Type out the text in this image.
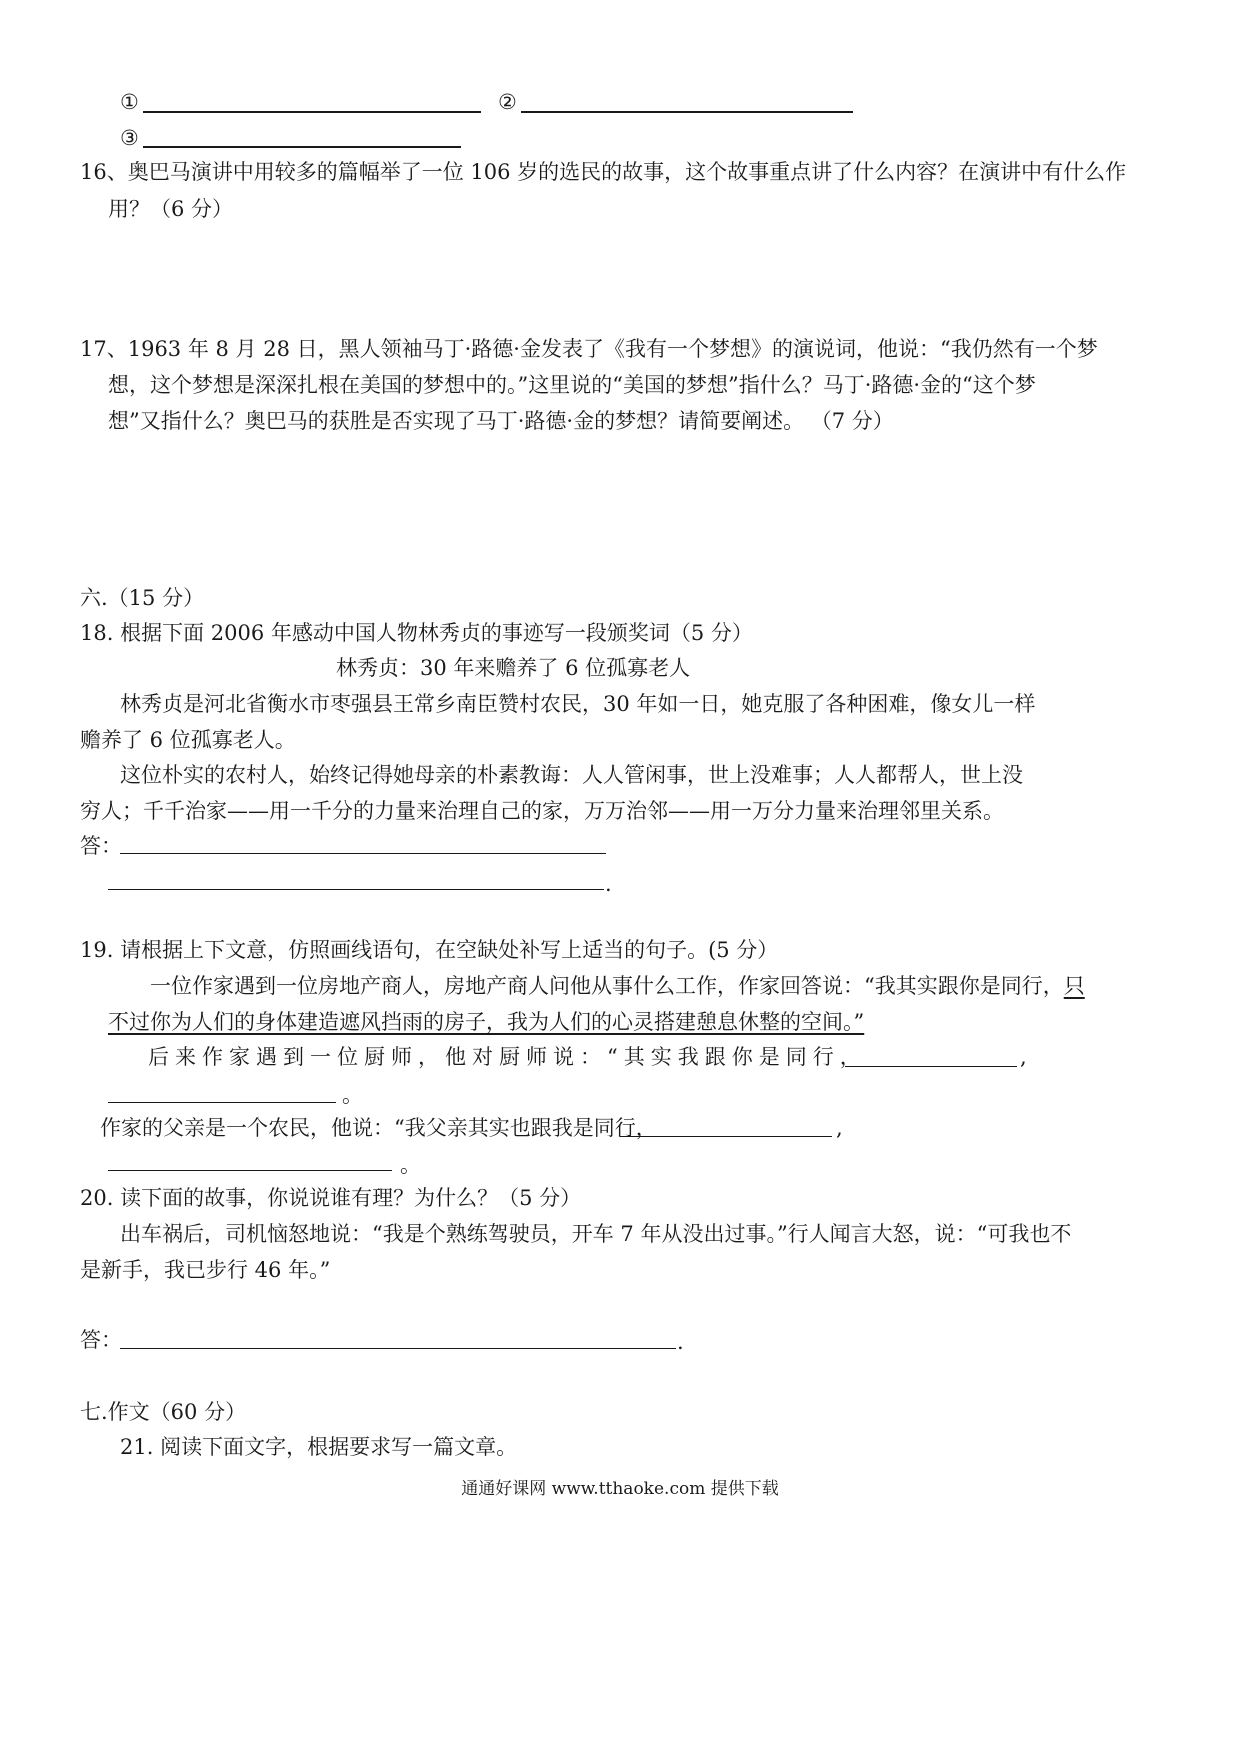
①	②
③
16、奥巴马演讲中用较多的篇幅举了一位 106 岁的选民的故事，这个故事重点讲了什么内容？在演讲中有什么作
用？（6 分）
17、1963 年 8 月 28 日，黑人领袖马丁·路德·金发表了《我有一个梦想》的演说词，他说：“我仍然有一个梦
想，这个梦想是深深扎根在美国的梦想中的。”这里说的“美国的梦想”指什么？马丁·路德·金的“这个梦
想”又指什么？奥巴马的获胜是否实现了马丁·路德·金的梦想？请简要阐述。 （7 分）
六.（15 分）
18. 根据下面 2006 年感动中国人物林秀贞的事迹写一段颁奖词（5 分）
林秀贞：30 年来赡养了 6 位孤寡老人
林秀贞是河北省衡水市枣强县王常乡南臣赞村农民，30 年如一日，她克服了各种困难，像女儿一样
赡养了 6 位孤寡老人。
这位朴实的农村人，始终记得她母亲的朴素教诲：人人管闲事，世上没难事；人人都帮人，世上没
穷人；千千治家——用一千分的力量来治理自己的家，万万治邻——用一万分力量来治理邻里关系。
答：
.
19. 请根据上下文意，仿照画线语句，在空缺处补写上适当的句子。(5 分）
一位作家遇到一位房地产商人，房地产商人问他从事什么工作，作家回答说：“我其实跟你是同行，只
不过你为人们的身体建造遮风挡雨的房子，我为人们的心灵搭建憩息休整的空间。”
后来作家遇到一位厨师，他对厨师说：“其实我跟你是同行，	,
。
作家的父亲是一个农民，他说：“我父亲其实也跟我是同行，	,
。
20. 读下面的故事，你说说谁有理？为什么？（5 分）
出车祸后，司机恼怒地说：“我是个熟练驾驶员，开车 7 年从没出过事。”行人闻言大怒，说：“可我也不
是新手，我已步行 46 年。”
答：	.
七.作文（60 分）
21. 阅读下面文字，根据要求写一篇文章。
通通好课网 www.tthaoke.com 提供下载
